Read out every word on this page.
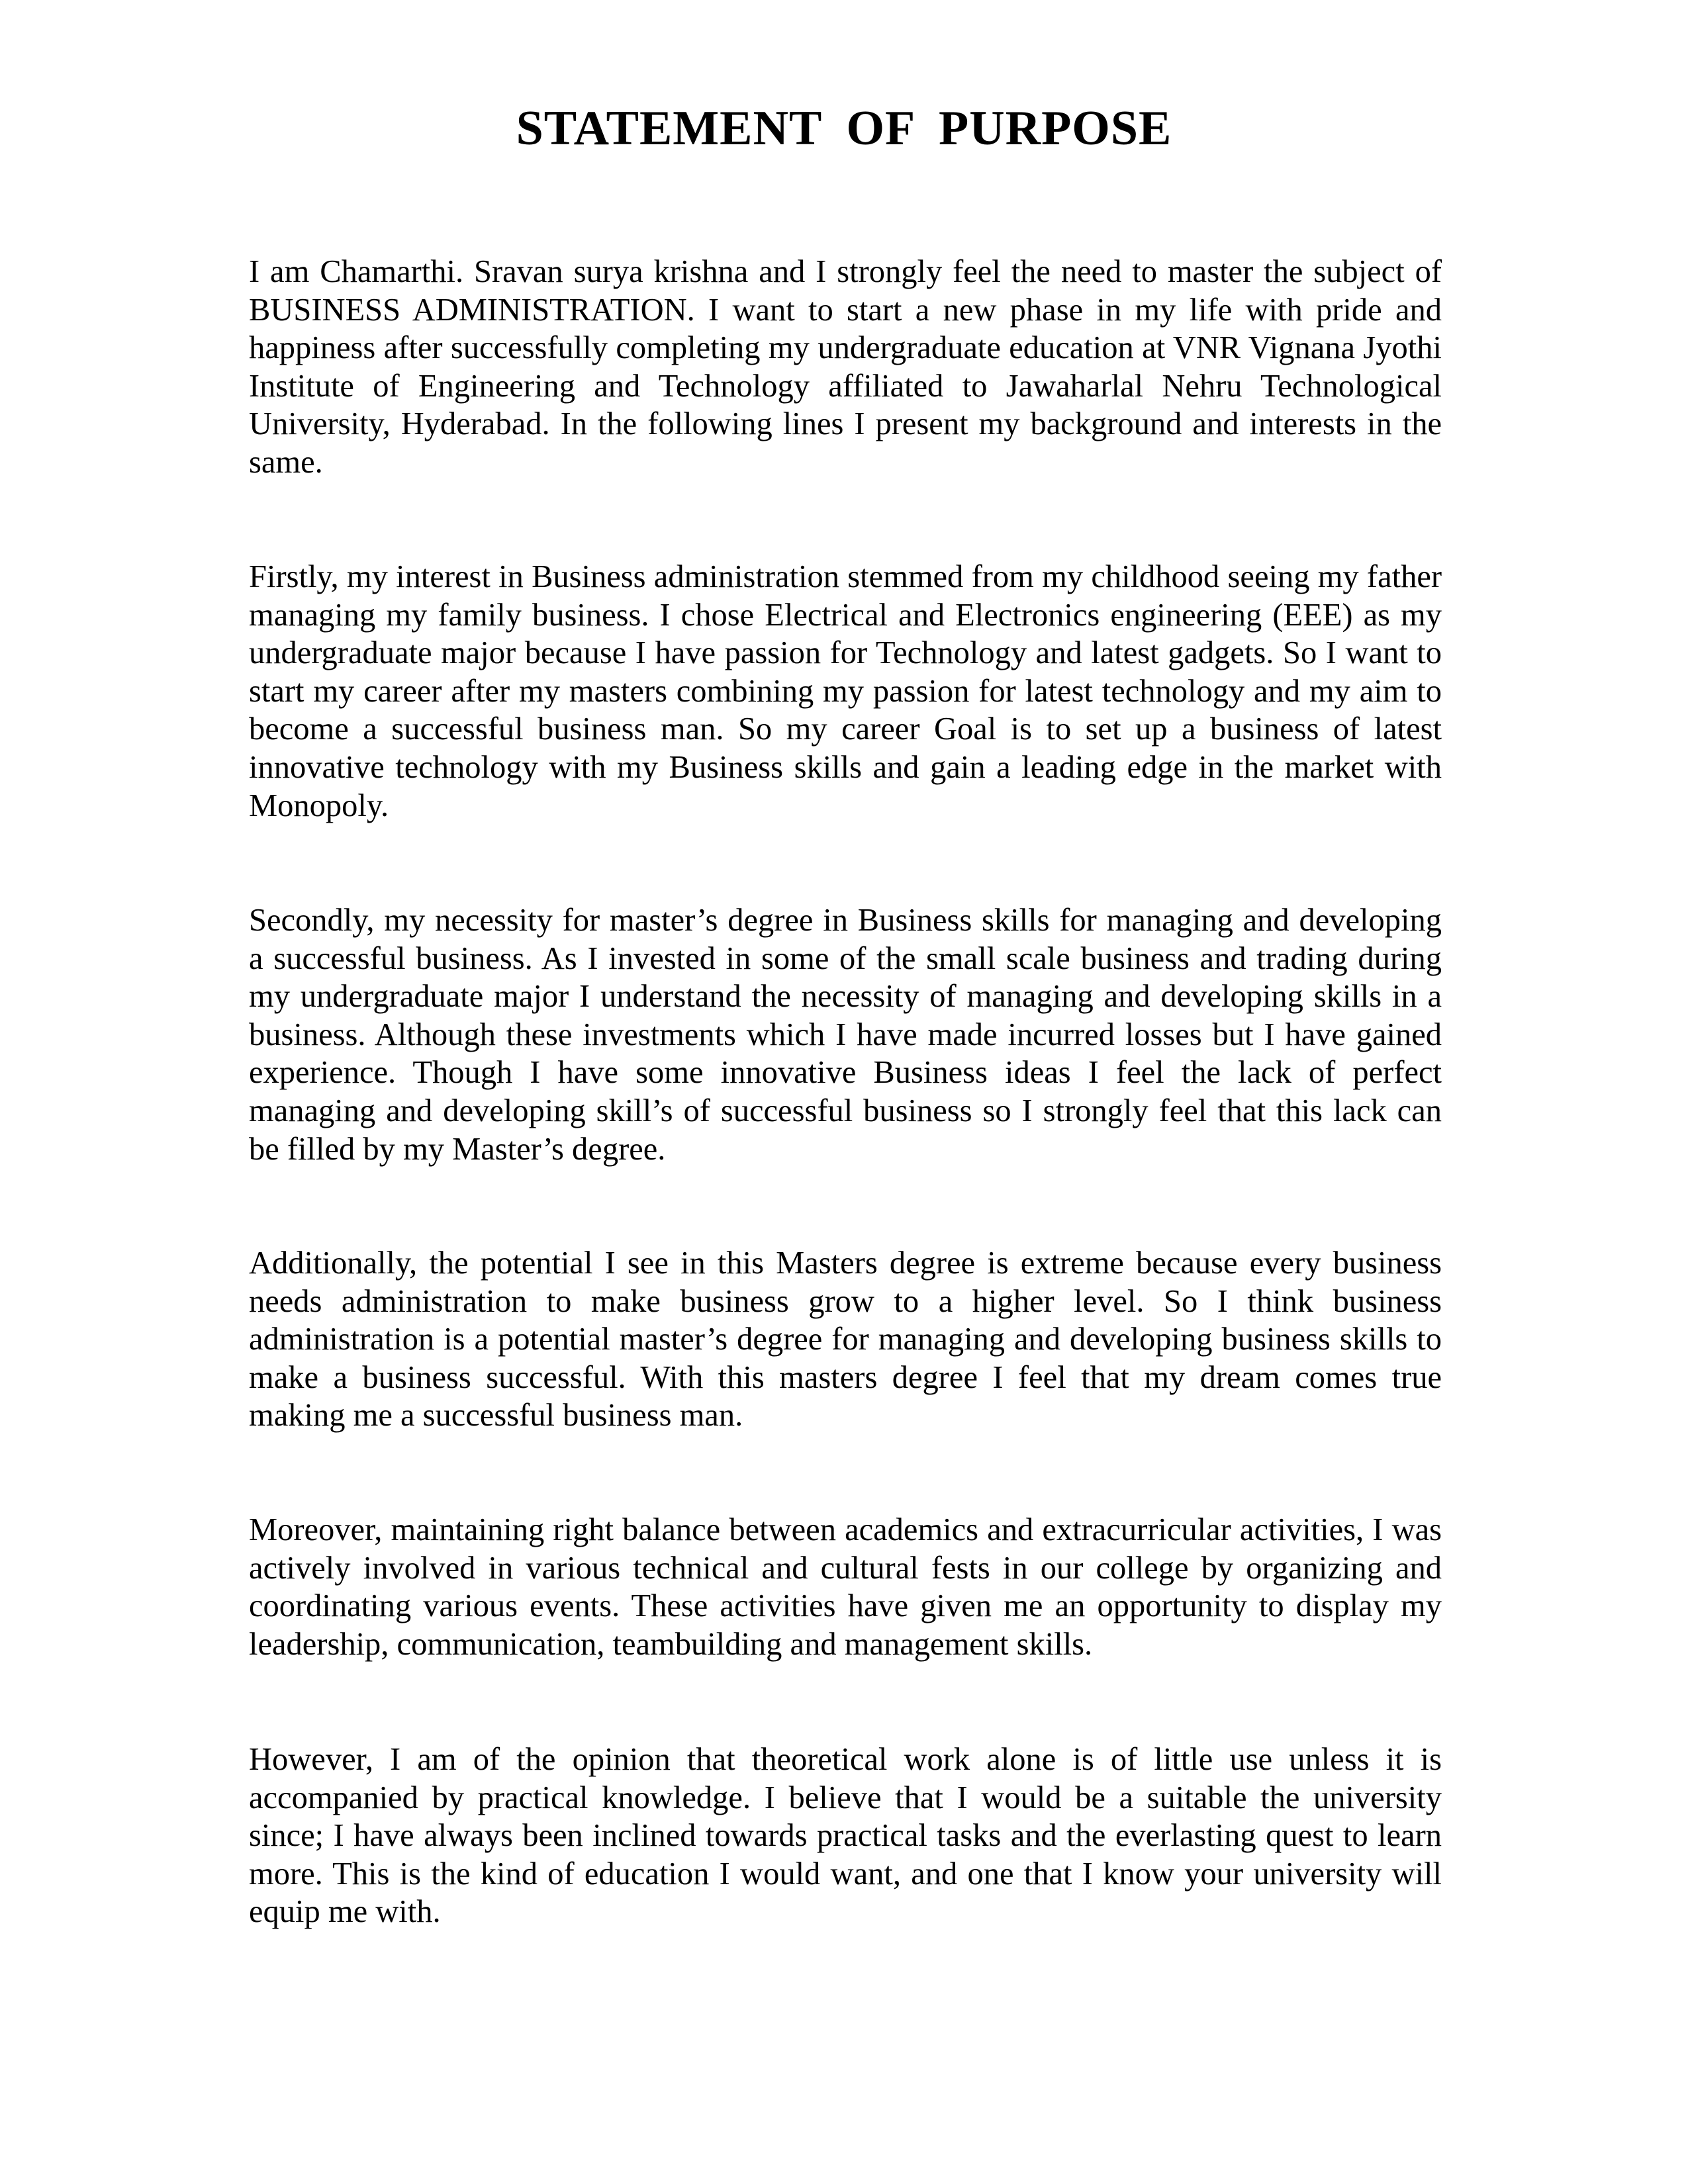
STATEMENT OF PURPOSE

I am Chamarthi. Sravan surya krishna and I strongly feel the need to master the subject of BUSINESS ADMINISTRATION. I want to start a new phase in my life with pride and happiness after successfully completing my undergraduate education at VNR Vignana Jyothi Institute of Engineering and Technology affiliated to Jawaharlal Nehru Technological University, Hyderabad. In the following lines I present my background and interests in the same.

Firstly, my interest in Business administration stemmed from my childhood seeing my father managing my family business. I chose Electrical and Electronics engineering (EEE) as my undergraduate major because I have passion for Technology and latest gadgets. So I want to start my career after my masters combining my passion for latest technology and my aim to become a successful business man. So my career Goal is to set up a business of latest innovative technology with my Business skills and gain a leading edge in the market with Monopoly.

Secondly, my necessity for master’s degree in Business skills for managing and developing a successful business. As I invested in some of the small scale business and trading during my undergraduate major I understand the necessity of managing and developing skills in a business. Although these investments which I have made incurred losses but I have gained experience. Though I have some innovative Business ideas I feel the lack of perfect managing and developing skill’s of successful business so I strongly feel that this lack can be filled by my Master’s degree.

Additionally, the potential I see in this Masters degree is extreme because every business needs administration to make business grow to a higher level. So I think business administration is a potential master’s degree for managing and developing business skills to make a business successful. With this masters degree I feel that my dream comes true making me a successful business man.

Moreover, maintaining right balance between academics and extracurricular activities, I was actively involved in various technical and cultural fests in our college by organizing and coordinating various events. These activities have given me an opportunity to display my leadership, communication, teambuilding and management skills.

However, I am of the opinion that theoretical work alone is of little use unless it is accompanied by practical knowledge. I believe that I would be a suitable the university since; I have always been inclined towards practical tasks and the everlasting quest to learn more. This is the kind of education I would want, and one that I know your university will equip me with.
